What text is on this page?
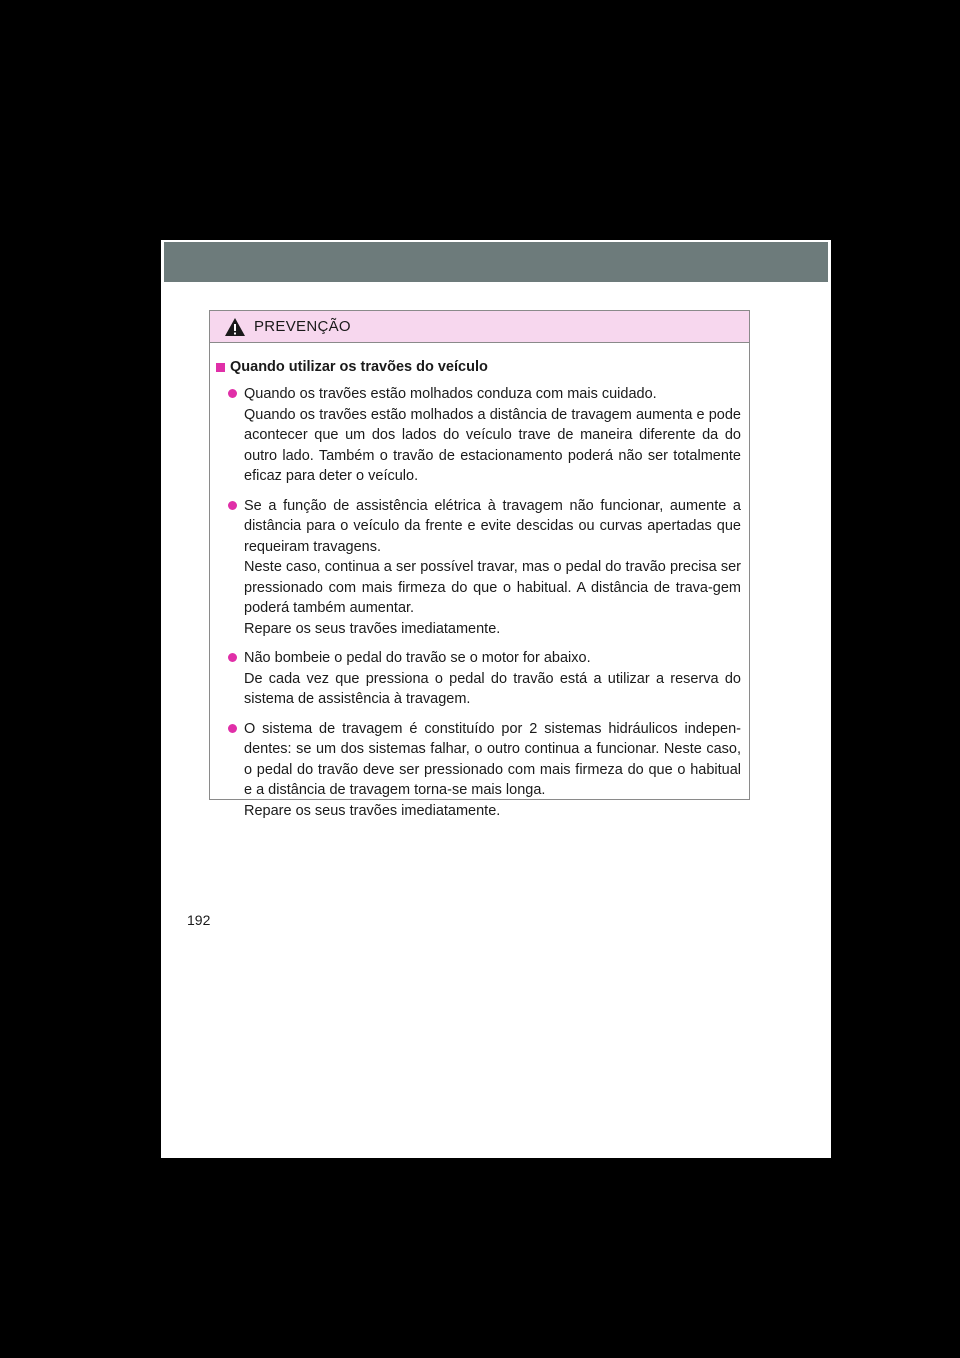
PREVENÇÃO
Quando utilizar os travões do veículo

Quando os travões estão molhados conduza com mais cuidado.

Quando os travões estão molhados a distância de travagem aumenta e pode acontecer que um dos lados do veículo trave de maneira diferente da do outro lado. Também o travão de estacionamento poderá não ser totalmente eficaz para deter o veículo.

Se a função de assistência elétrica à travagem não funcionar, aumente a distância para o veículo da frente e evite descidas ou curvas apertadas que requeiram travagens.

Neste caso, continua a ser possível travar, mas o pedal do travão precisa ser pressionado com mais firmeza do que o habitual. A distância de trava-gem poderá também aumentar.

Repare os seus travões imediatamente.

Não bombeie o pedal do travão se o motor for abaixo.

De cada vez que pressiona o pedal do travão está a utilizar a reserva do sistema de assistência à travagem.

O sistema de travagem é constituído por 2 sistemas hidráulicos indepen-dentes: se um dos sistemas falhar, o outro continua a funcionar. Neste caso, o pedal do travão deve ser pressionado com mais firmeza do que o habitual e a distância de travagem torna-se mais longa.

Repare os seus travões imediatamente.

192
